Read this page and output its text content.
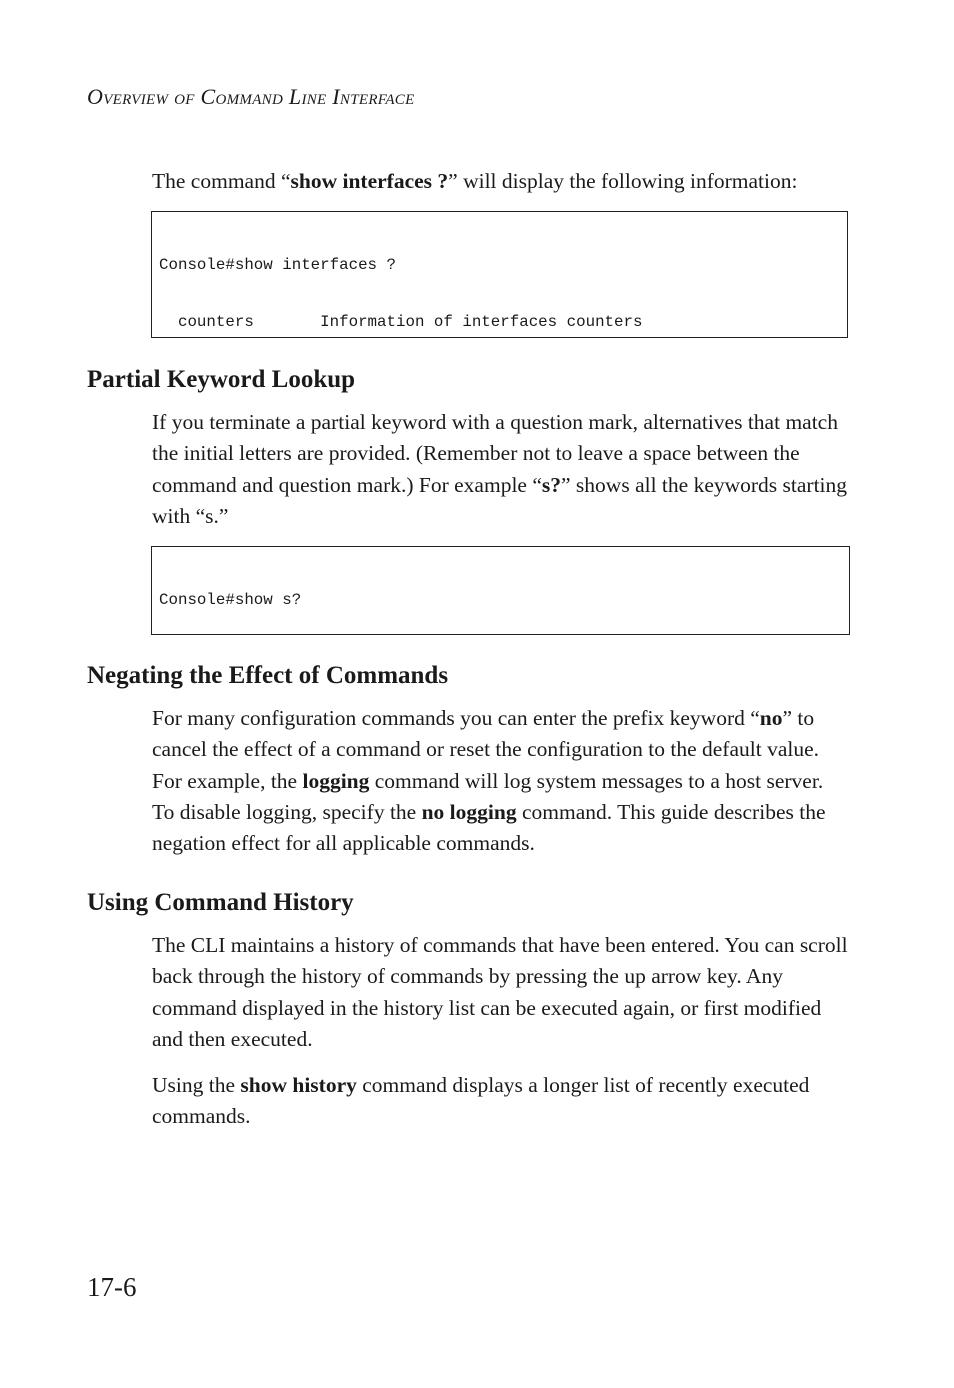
Overview of Command Line Interface

The command “show interfaces ?” will display the following information:

Console#show interfaces ?

counters       Information of interfaces counters

Partial Keyword Lookup

If you terminate a partial keyword with a question mark, alternatives that match the initial letters are provided. (Remember not to leave a space between the command and question mark.) For example “s?” shows all the keywords starting with “s.”

Console#show s?

Negating the Effect of Commands

For many configuration commands you can enter the prefix keyword “no” to cancel the effect of a command or reset the configuration to the default value. For example, the logging command will log system messages to a host server. To disable logging, specify the no logging command. This guide describes the negation effect for all applicable commands.

Using Command History

The CLI maintains a history of commands that have been entered. You can scroll back through the history of commands by pressing the up arrow key. Any command displayed in the history list can be executed again, or first modified and then executed.

Using the show history command displays a longer list of recently executed commands.

17-6
